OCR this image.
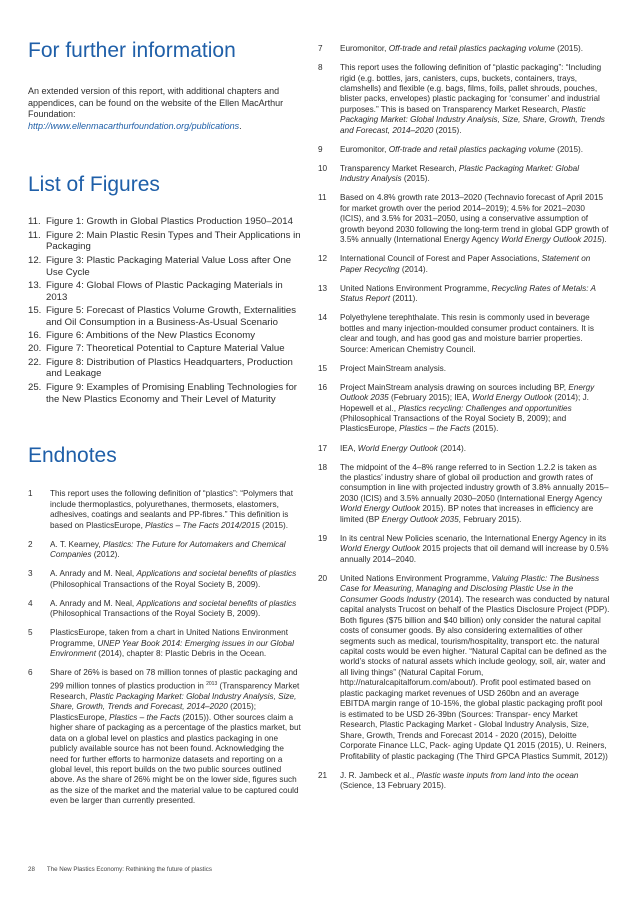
For further information

An extended version of this report, with additional chapters and appendices, can be found on the website of the Ellen MacArthur Foundation:
http://www.ellenmacarthurfoundation.org/publications.

List of Figures
11. Figure 1: Growth in Global Plastics Production 1950–2014
11. Figure 2: Main Plastic Resin Types and Their Applications in Packaging
12. Figure 3: Plastic Packaging Material Value Loss after One Use Cycle
13. Figure 4: Global Flows of Plastic Packaging Materials in 2013
15. Figure 5: Forecast of Plastics Volume Growth, Externalities and Oil Consumption in a Business-As-Usual Scenario
16. Figure 6: Ambitions of the New Plastics Economy
20. Figure 7: Theoretical Potential to Capture Material Value
22. Figure 8: Distribution of Plastics Headquarters, Production and Leakage
25. Figure 9: Examples of Promising Enabling Technologies for the New Plastics Economy and Their Level of Maturity
Endnotes
1	This report uses the following definition of “plastics”: “Polymers that include thermoplastics, polyurethanes, thermosets, elastomers, adhesives, coatings and sealants and PP-fibres.” This definition is based on PlasticsEurope, Plastics – The Facts 2014/2015 (2015).
2	A. T. Kearney, Plastics: The Future for Automakers and Chemical Companies (2012).
3	A. Anrady and M. Neal, Applications and societal benefits of plastics (Philosophical Transactions of the Royal Society B, 2009).
4	A. Anrady and M. Neal, Applications and societal benefits of plastics (Philosophical Transactions of the Royal Society B, 2009).
5	PlasticsEurope, taken from a chart in United Nations Environment Programme, UNEP Year Book 2014: Emerging issues in our Global Environment (2014), chapter 8: Plastic Debris in the Ocean.
6	Share of 26% is based on 78 million tonnes of plastic packaging and 299 million tonnes of plastics production in $^{2013}$ (Transparency Market Research, Plastic Packaging Market: Global Industry Analysis, Size, Share, Growth, Trends and Forecast, 2014–2020 (2015); PlasticsEurope, Plastics – the Facts (2015)). Other sources claim a higher share of packaging as a percentage of the plastics market, but data on a global level on plastics and plastics packaging in one publicly available source has not been found. Acknowledging the need for further efforts to harmonize datasets and reporting on a global level, this report builds on the two public sources outlined above. As the share of 26% might be on the lower side, figures such as the size of the market and the material value to be captured could even be larger than currently presented.
7	Euromonitor, Off-trade and retail plastics packaging volume (2015).
8	This report uses the following definition of “plastic packaging”: “Including rigid (e.g. bottles, jars, canisters, cups, buckets, containers, trays, clamshells) and flexible (e.g. bags, films, foils, pallet shrouds, pouches, blister packs, envelopes) plastic packaging for ‘consumer’ and industrial purposes.” This is based on Transparency Market Research, Plastic Packaging Market: Global Industry Analysis, Size, Share, Growth, Trends and Forecast, 2014–2020 (2015).
9	Euromonitor, Off-trade and retail plastics packaging volume (2015).
10	Transparency Market Research, Plastic Packaging Market: Global Industry Analysis (2015).
11	Based on 4.8% growth rate 2013–2020 (Technavio forecast of April 2015 for market growth over the period 2014–2019); 4.5% for 2021–2030 (ICIS), and 3.5% for 2031–2050, using a conservative assumption of growth beyond 2030 following the long-term trend in global GDP growth of 3.5% annually (International Energy Agency World Energy Outlook 2015).
12	International Council of Forest and Paper Associations, Statement on Paper Recycling (2014).
13	United Nations Environment Programme, Recycling Rates of Metals: A Status Report (2011).
14	Polyethylene terephthalate. This resin is commonly used in beverage bottles and many injection-moulded consumer product containers. It is clear and tough, and has good gas and moisture barrier properties. Source: American Chemistry Council.
15	Project MainStream analysis.
16	Project MainStream analysis drawing on sources including BP, Energy Outlook 2035 (February 2015); IEA, World Energy Outlook (2014); J. Hopewell et al., Plastics recycling: Challenges and opportunities (Philosophical Transactions of the Royal Society B, 2009); and PlasticsEurope, Plastics – the Facts (2015).
17	IEA, World Energy Outlook (2014).
18	The midpoint of the 4–8% range referred to in Section 1.2.2 is taken as the plastics’ industry share of global oil production and growth rates of consumption in line with projected industry growth of 3.8% annually 2015–2030 (ICIS) and 3.5% annually 2030–2050 (International Energy Agency World Energy Outlook 2015). BP notes that increases in efficiency are limited (BP Energy Outlook 2035, February 2015).
19	In its central New Policies scenario, the International Energy Agency in its World Energy Outlook 2015 projects that oil demand will increase by 0.5% annually 2014–2040.
20	United Nations Environment Programme, Valuing Plastic: The Business Case for Measuring, Managing and Disclosing Plastic Use in the Consumer Goods Industry (2014). The research was conducted by natural capital analysts Trucost on behalf of the Plastics Disclosure Project (PDP). Both figures ($75 billion and $40 billion) only consider the natural capital costs of consumer goods. By also considering externalities of other segments such as medical, tourism/hospitality, transport etc. the natural capital costs would be even higher. “Natural Capital can be defined as the world’s stocks of natural assets which include geology, soil, air, water and all living things” (Natural Capital Forum, http://naturalcapitalforum.com/about/). Profit pool estimated based on plastic packaging market revenues of USD 260bn and an average EBITDA margin range of 10-15%, the global plastic packaging profit pool is estimated to be USD 26-39bn (Sources: Transpar- ency Market Research, Plastic Packaging Market - Global Industry Analysis, Size, Share, Growth, Trends and Forecast 2014 - 2020 (2015), Deloitte Corporate Finance LLC, Pack- aging Update Q1 2015 (2015), U. Reiners, Profitability of plastic packaging (The Third GPCA Plastics Summit, 2012))
21	J. R. Jambeck et al., Plastic waste inputs from land into the ocean (Science, 13 February 2015).
28 The New Plastics Economy: Rethinking the future of plastics
